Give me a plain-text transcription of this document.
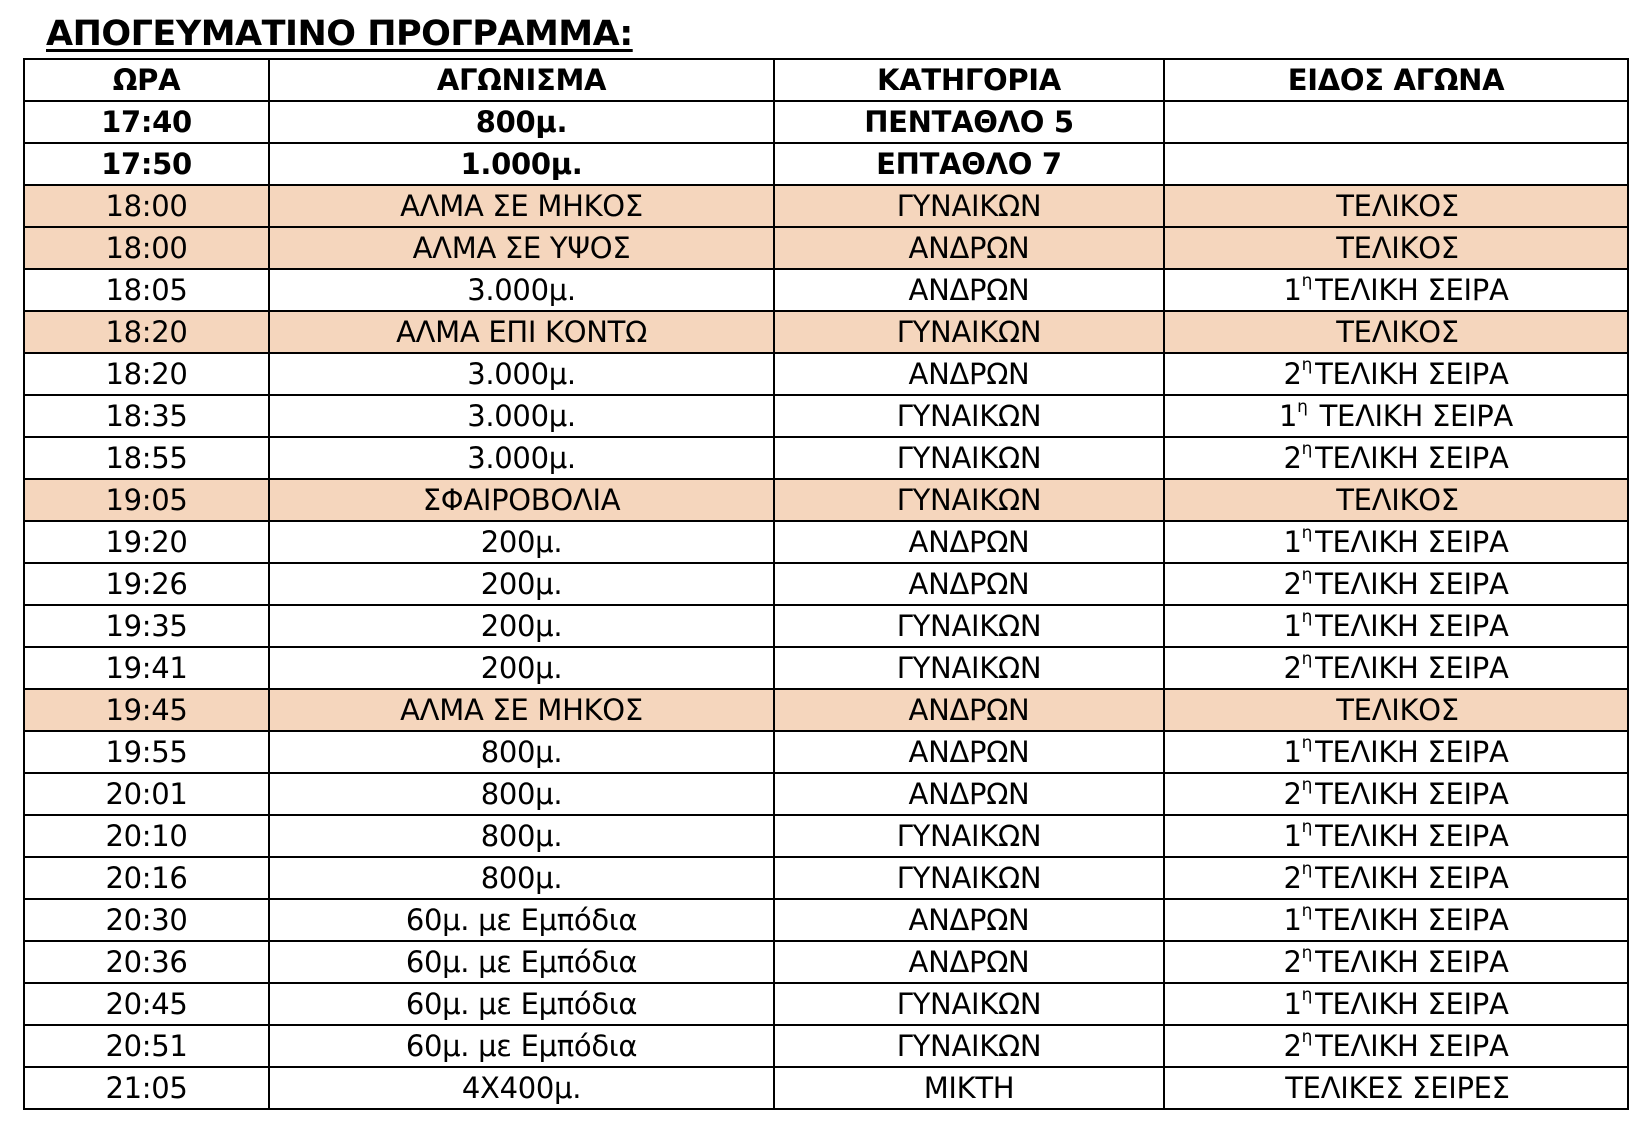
ΑΠΟΓΕΥΜΑΤΙΝΟ ΠΡΟΓΡΑΜΜΑ:
ΩΡΑ	ΑΓΩΝΙΣΜΑ	ΚΑΤΗΓΟΡΙΑ	ΕΙΔΟΣ ΑΓΩΝΑ
17:40	800μ.	ΠΕΝΤΑΘΛΟ 5	
17:50	1.000μ.	ΕΠΤΑΘΛΟ 7	
18:00	ΑΛΜΑ ΣΕ ΜΗΚΟΣ	ΓΥΝΑΙΚΩΝ	ΤΕΛΙΚΟΣ
18:00	ΑΛΜΑ ΣΕ ΥΨΟΣ	ΑΝΔΡΩΝ	ΤΕΛΙΚΟΣ
18:05	3.000μ.	ΑΝΔΡΩΝ	$1^\eta$ ΤΕΛΙΚΗ ΣΕΙΡΑ
18:20	ΑΛΜΑ ΕΠΙ ΚΟΝΤΩ	ΓΥΝΑΙΚΩΝ	ΤΕΛΙΚΟΣ
18:20	3.000μ.	ΑΝΔΡΩΝ	$2^\eta$ ΤΕΛΙΚΗ ΣΕΙΡΑ
18:35	3.000μ.	ΓΥΝΑΙΚΩΝ	$1^\eta$ ΤΕΛΙΚΗ ΣΕΙΡΑ
18:55	3.000μ.	ΓΥΝΑΙΚΩΝ	$2^\eta$ ΤΕΛΙΚΗ ΣΕΙΡΑ
19:05	ΣΦΑΙΡΟΒΟΛΙΑ	ΓΥΝΑΙΚΩΝ	ΤΕΛΙΚΟΣ
19:20	200μ.	ΑΝΔΡΩΝ	$1^\eta$ ΤΕΛΙΚΗ ΣΕΙΡΑ
19:26	200μ.	ΑΝΔΡΩΝ	$2^\eta$ ΤΕΛΙΚΗ ΣΕΙΡΑ
19:35	200μ.	ΓΥΝΑΙΚΩΝ	$1^\eta$ ΤΕΛΙΚΗ ΣΕΙΡΑ
19:41	200μ.	ΓΥΝΑΙΚΩΝ	$2^\eta$ ΤΕΛΙΚΗ ΣΕΙΡΑ
19:45	ΑΛΜΑ ΣΕ ΜΗΚΟΣ	ΑΝΔΡΩΝ	ΤΕΛΙΚΟΣ
19:55	800μ.	ΑΝΔΡΩΝ	$1^\eta$ ΤΕΛΙΚΗ ΣΕΙΡΑ
20:01	800μ.	ΑΝΔΡΩΝ	$2^\eta$ ΤΕΛΙΚΗ ΣΕΙΡΑ
20:10	800μ.	ΓΥΝΑΙΚΩΝ	$1^\eta$ ΤΕΛΙΚΗ ΣΕΙΡΑ
20:16	800μ.	ΓΥΝΑΙΚΩΝ	$2^\eta$ ΤΕΛΙΚΗ ΣΕΙΡΑ
20:30	60μ. με Εμπόδια	ΑΝΔΡΩΝ	$1^\eta$ ΤΕΛΙΚΗ ΣΕΙΡΑ
20:36	60μ. με Εμπόδια	ΑΝΔΡΩΝ	$2^\eta$ ΤΕΛΙΚΗ ΣΕΙΡΑ
20:45	60μ. με Εμπόδια	ΓΥΝΑΙΚΩΝ	$1^\eta$ ΤΕΛΙΚΗ ΣΕΙΡΑ
20:51	60μ. με Εμπόδια	ΓΥΝΑΙΚΩΝ	$2^\eta$ ΤΕΛΙΚΗ ΣΕΙΡΑ
21:05	4Χ400μ.	ΜΙΚΤΗ	ΤΕΛΙΚΕΣ ΣΕΙΡΕΣ
